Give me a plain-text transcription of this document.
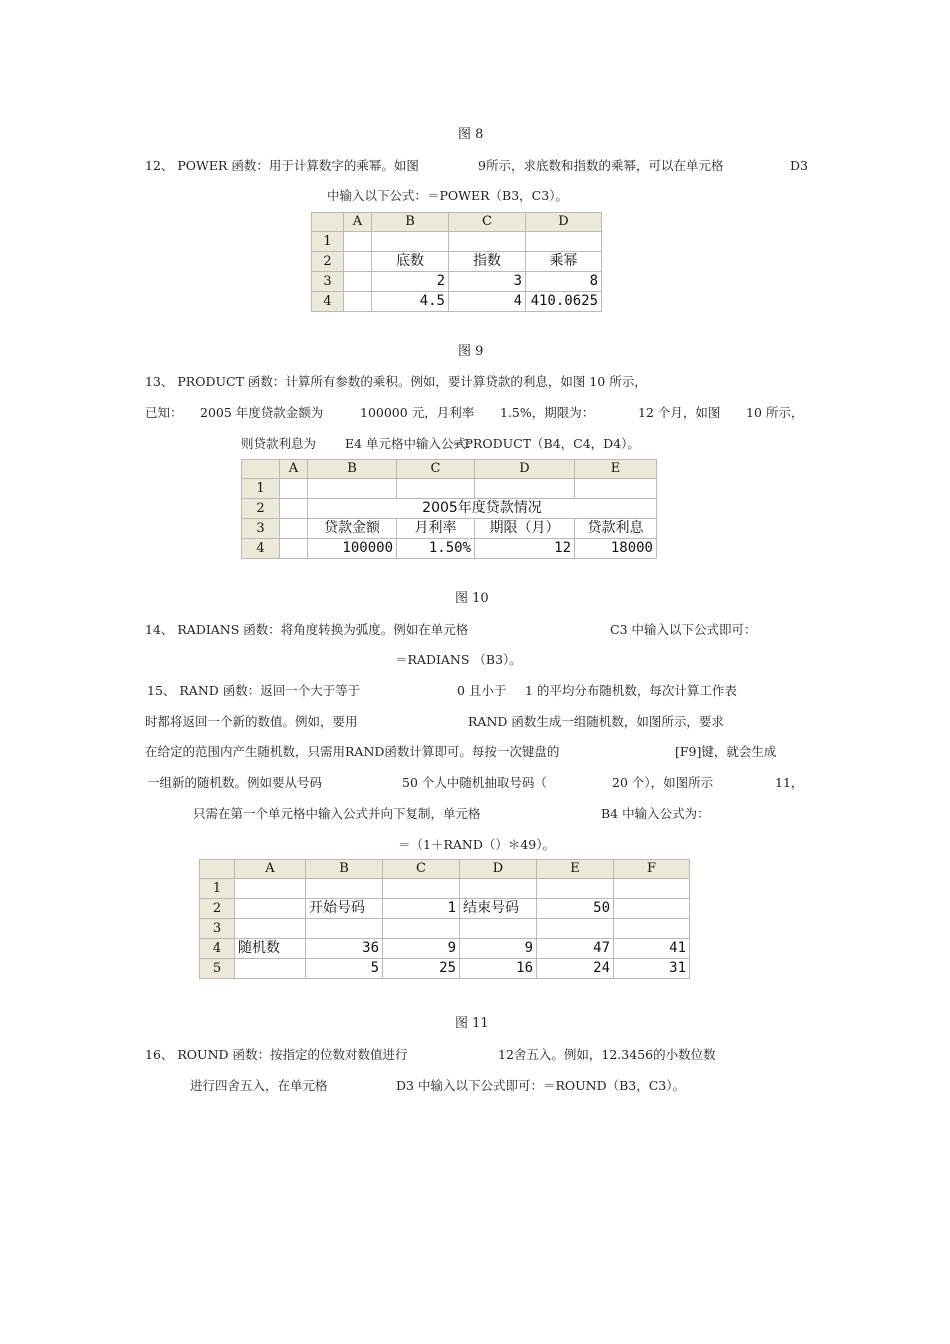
图 8
12、 POWER 函数：用于计算数字的乘幂。如图	9所示，求底数和指数的乘幂，可以在单元格	D3
中输入以下公式：＝POWER（B3，C3）。
	A	B	C	D
1				
2		底数	指数	乘幂
3		2	3	8
4		4.5	4	410.0625
图 9
13、 PRODUCT 函数：计算所有参数的乘积。例如，要计算贷款的利息，如图 10 所示，
已知： 2005 年度贷款金额为	100000 元，月利率 1.5%，期限为：	12 个月，如图 10 所示，
则贷款利息为 E4 单元格中输入公式：
＝PRODUCT（B4，C4，D4）。
	A	B	C	D	E
1					
2		2005年度贷款情况			
3		贷款金额	月利率	期限（月）	贷款利息
4		100000	1.50%	12	18000
图 10
14、 RADIANS 函数：将角度转换为弧度。例如在单元格	C3 中输入以下公式即可：
＝RADIANS （B3）。
15、 RAND 函数：返回一个大于等于	0 且小于 1 的平均分布随机数，每次计算工作表
时都将返回一个新的数值。例如，要用	RAND 函数生成一组随机数，如图所示，要求
在给定的范围内产生随机数，只需用RAND函数计算即可。每按一次键盘的	[F9]键，就会生成
一组新的随机数。例如要从号码	50 个人中随机抽取号码（	20 个），如图所示	11，
只需在第一个单元格中输入公式并向下复制，单元格	B4 中输入公式为：
＝（1＋RAND（）＊49）。
	A	B	C	D	E	F
1						
2		开始号码	1	结束号码	50	
3						
4	随机数	36	9	9	47	41
5		5	25	16	24	31
图 11
16、 ROUND 函数：按指定的位数对数值进行	12舍五入。例如，12.3456的小数位数
进行四舍五入，在单元格	D3 中输入以下公式即可：＝ROUND（B3，C3）。
